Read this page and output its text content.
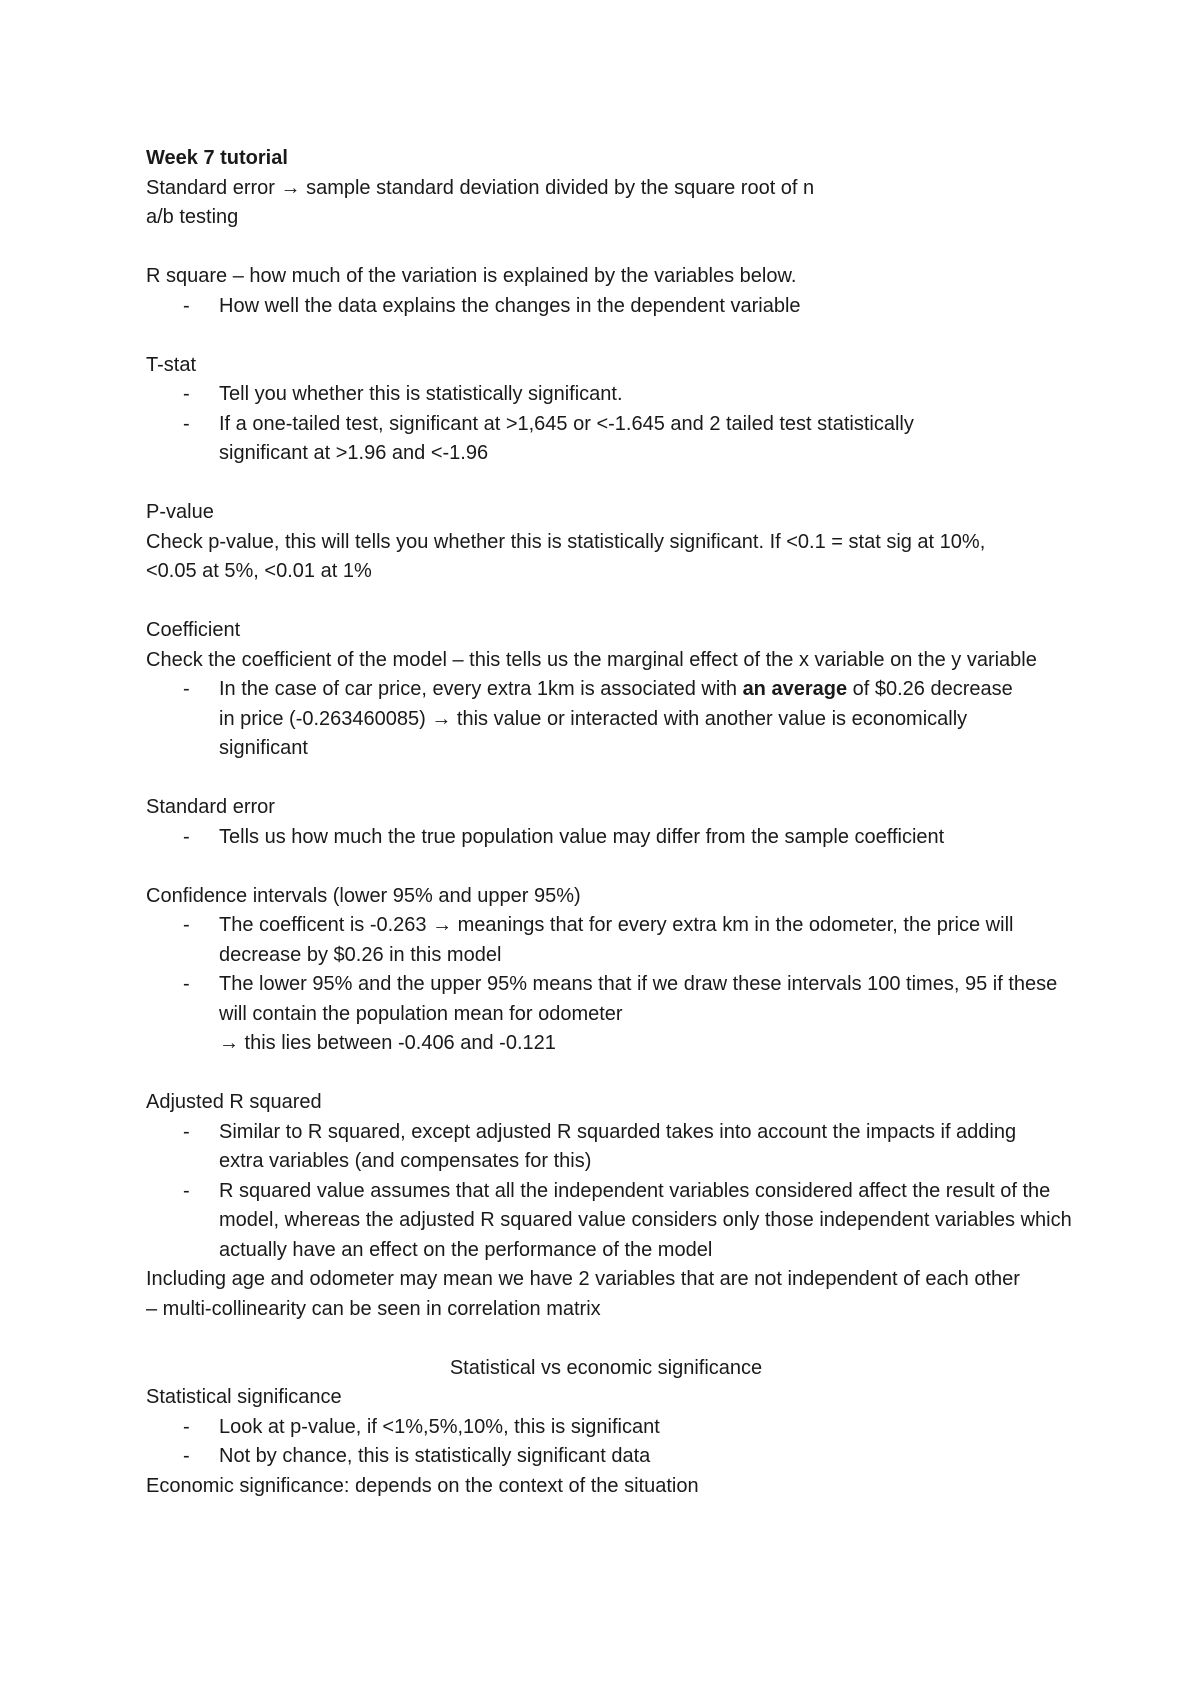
Week 7 tutorial

Standard error → sample standard deviation divided by the square root of n

a/b testing

R square – how much of the variation is explained by the variables below.

- How well the data explains the changes in the dependent variable

T-stat

- Tell you whether this is statistically significant.
- If a one-tailed test, significant at >1,645 or <-1.645 and 2 tailed test statistically significant at >1.96 and <-1.96

P-value

Check p-value, this will tells you whether this is statistically significant. If <0.1 = stat sig at 10%, <0.05 at 5%, <0.01 at 1%

Coefficient

Check the coefficient of the model – this tells us the marginal effect of the x variable on the y variable

- In the case of car price, every extra 1km is associated with an average of $0.26 decrease in price (-0.263460085) → this value or interacted with another value is economically significant

Standard error

- Tells us how much the true population value may differ from the sample coefficient

Confidence intervals (lower 95% and upper 95%)

- The coefficent is -0.263 → meanings that for every extra km in the odometer, the price will decrease by $0.26 in this model
- The lower 95% and the upper 95% means that if we draw these intervals 100 times, 95 if these will contain the population mean for odometer

→ this lies between -0.406 and -0.121

Adjusted R squared

- Similar to R squared, except adjusted R squarded takes into account the impacts if adding extra variables (and compensates for this)
- R squared value assumes that all the independent variables considered affect the result of the model, whereas the adjusted R squared value considers only those independent variables which actually have an effect on the performance of the model

Including age and odometer may mean we have 2 variables that are not independent of each other – multi-collinearity can be seen in correlation matrix

Statistical vs economic significance

Statistical significance

- Look at p-value, if <1%,5%,10%, this is significant
- Not by chance, this is statistically significant data

Economic significance: depends on the context of the situation
